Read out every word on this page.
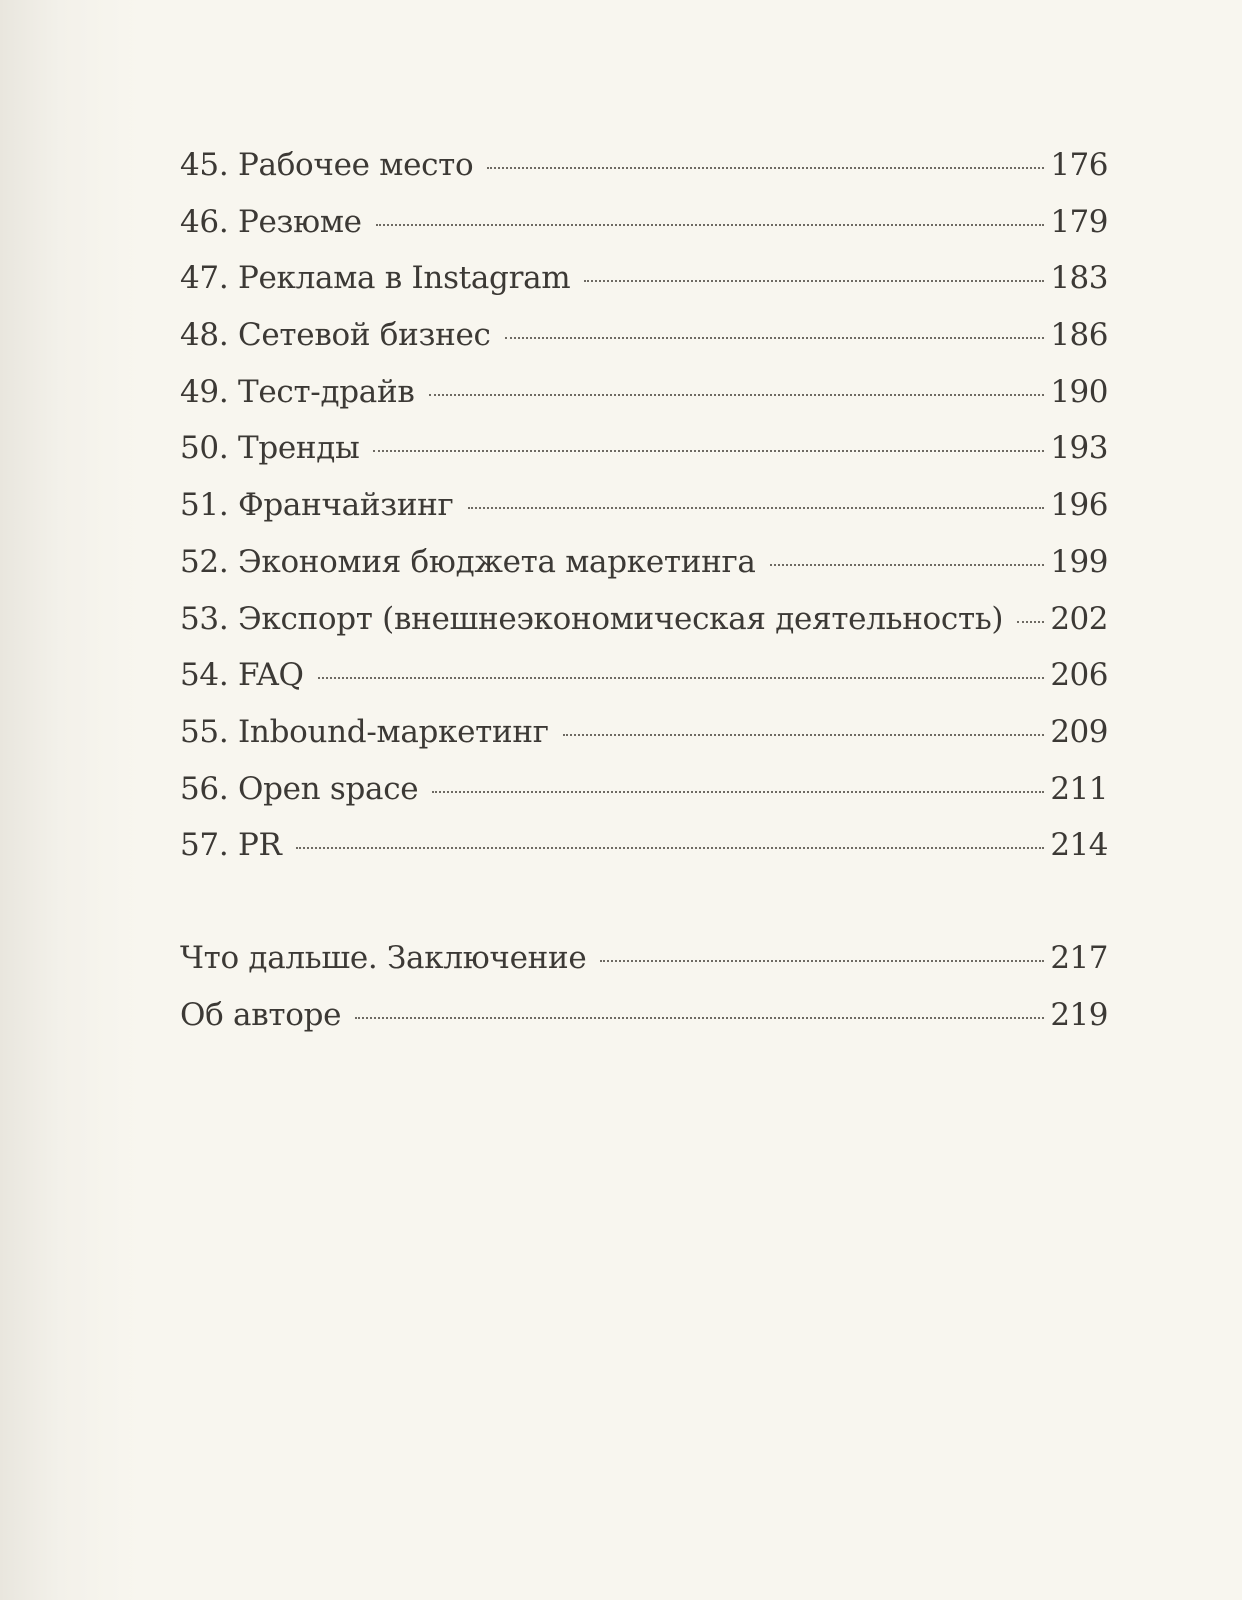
45. Рабочее место	176
46. Резюме	179
47. Реклама в Instagram	183
48. Сетевой бизнес	186
49. Тест-драйв	190
50. Тренды	193
51. Франчайзинг	196
52. Экономия бюджета маркетинга	199
53. Экспорт (внешнеэкономическая деятельность) 202
54. FAQ	206
55. Inbound-маркетинг	209
56. Open space	211
57. PR	214
Что дальше. Заключение	217
Об авторе	219
